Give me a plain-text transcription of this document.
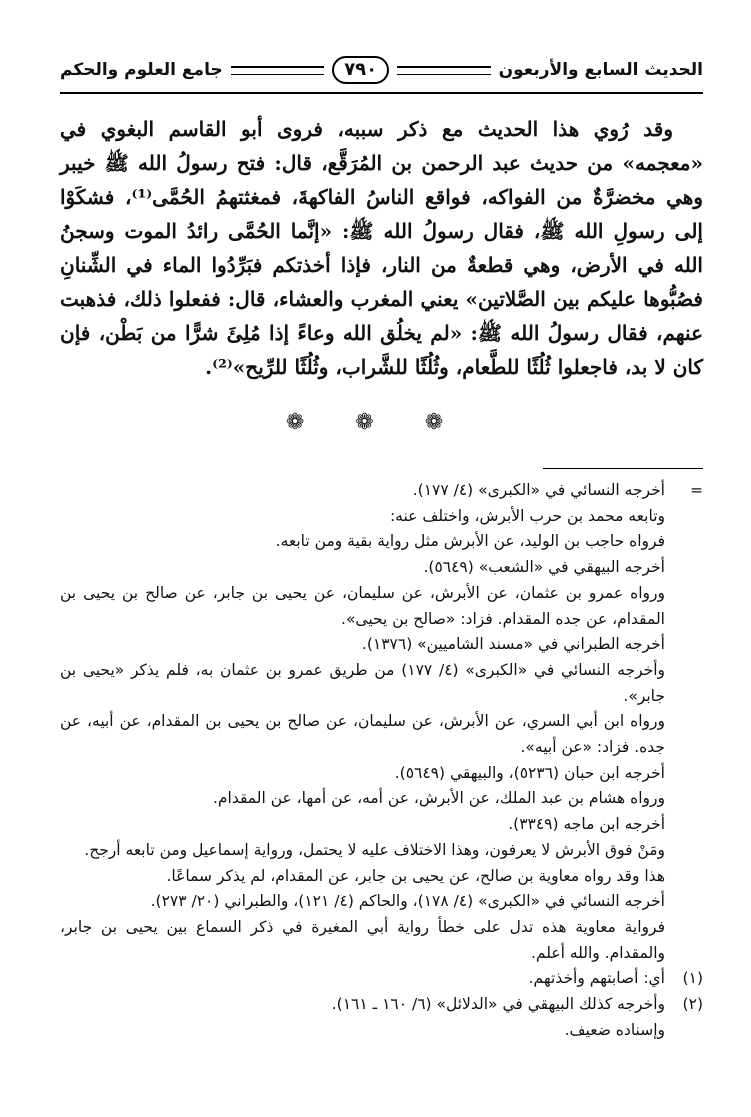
الحديث السابع والأربعون
٧٩٠
جامع العلوم والحكم

وقد رُوي هذا الحديث مع ذكر سببه، فروى أبو القاسم البغوي في «معجمه» من حديث عبد الرحمن بن المُرَقَّع، قال: فتح رسولُ الله ﷺ خيبر وهي مخضرَّةٌ من الفواكه، فواقع الناسُ الفاكهةَ، فمغثتهمُ الحُمَّى⁽¹⁾، فشكَوْا إلى رسولِ الله ﷺ، فقال رسولُ الله ﷺ: «إنَّما الحُمَّى رائدُ الموت وسجنُ الله في الأرض، وهي قطعةٌ من النار، فإذا أخذتكم فبَرِّدُوا الماء في الشِّنانِ فصُبُّوها عليكم بين الصَّلاتين» يعني المغرب والعشاء، قال: ففعلوا ذلك، فذهبت عنهم، فقال رسولُ الله ﷺ: «لم يخلُق الله وعاءً إذا مُلِئَ شرًّا من بَطْن، فإن كان لا بد، فاجعلوا ثُلُثًا للطَّعام، وثُلُثًا للشَّراب، وثُلُثًا للرِّيح»⁽²⁾.

❁ ❁ ❁
=
أخرجه النسائي في «الكبرى» (٤/ ١٧٧).
وتابعه محمد بن حرب الأبرش، واختلف عنه:
فرواه حاجب بن الوليد، عن الأبرش مثل رواية بقية ومن تابعه.
أخرجه البيهقي في «الشعب» (٥٦٤٩).
ورواه عمرو بن عثمان، عن الأبرش، عن سليمان، عن يحيى بن جابر، عن صالح بن يحيى بن المقدام، عن جده المقدام. فزاد: «صالح بن يحيى».
أخرجه الطبراني في «مسند الشاميين» (١٣٧٦).
وأخرجه النسائي في «الكبرى» (٤/ ١٧٧) من طريق عمرو بن عثمان به، فلم يذكر «يحيى بن جابر».
ورواه ابن أبي السري، عن الأبرش، عن سليمان، عن صالح بن يحيى بن المقدام، عن أبيه، عن جده. فزاد: «عن أبيه».
أخرجه ابن حبان (٥٢٣٦)، والبيهقي (٥٦٤٩).
ورواه هشام بن عبد الملك، عن الأبرش، عن أمه، عن أمها، عن المقدام.
أخرجه ابن ماجه (٣٣٤٩).
ومَنْ فوق الأبرش لا يعرفون، وهذا الاختلاف عليه لا يحتمل، ورواية إسماعيل ومن تابعه أرجح.
هذا وقد رواه معاوية بن صالح، عن يحيى بن جابر، عن المقدام، لم يذكر سماعًا.
أخرجه النسائي في «الكبرى» (٤/ ١٧٨)، والحاكم (٤/ ١٢١)، والطبراني (٢٠/ ٢٧٣).
فرواية معاوية هذه تدل على خطأ رواية أبي المغيرة في ذكر السماع بين يحيى بن جابر، والمقدام. والله أعلم.
(١)
أي: أصابتهم وأخذتهم.
(٢)
وأخرجه كذلك البيهقي في «الدلائل» (٦/ ١٦٠ ـ ١٦١).
وإسناده ضعيف.
